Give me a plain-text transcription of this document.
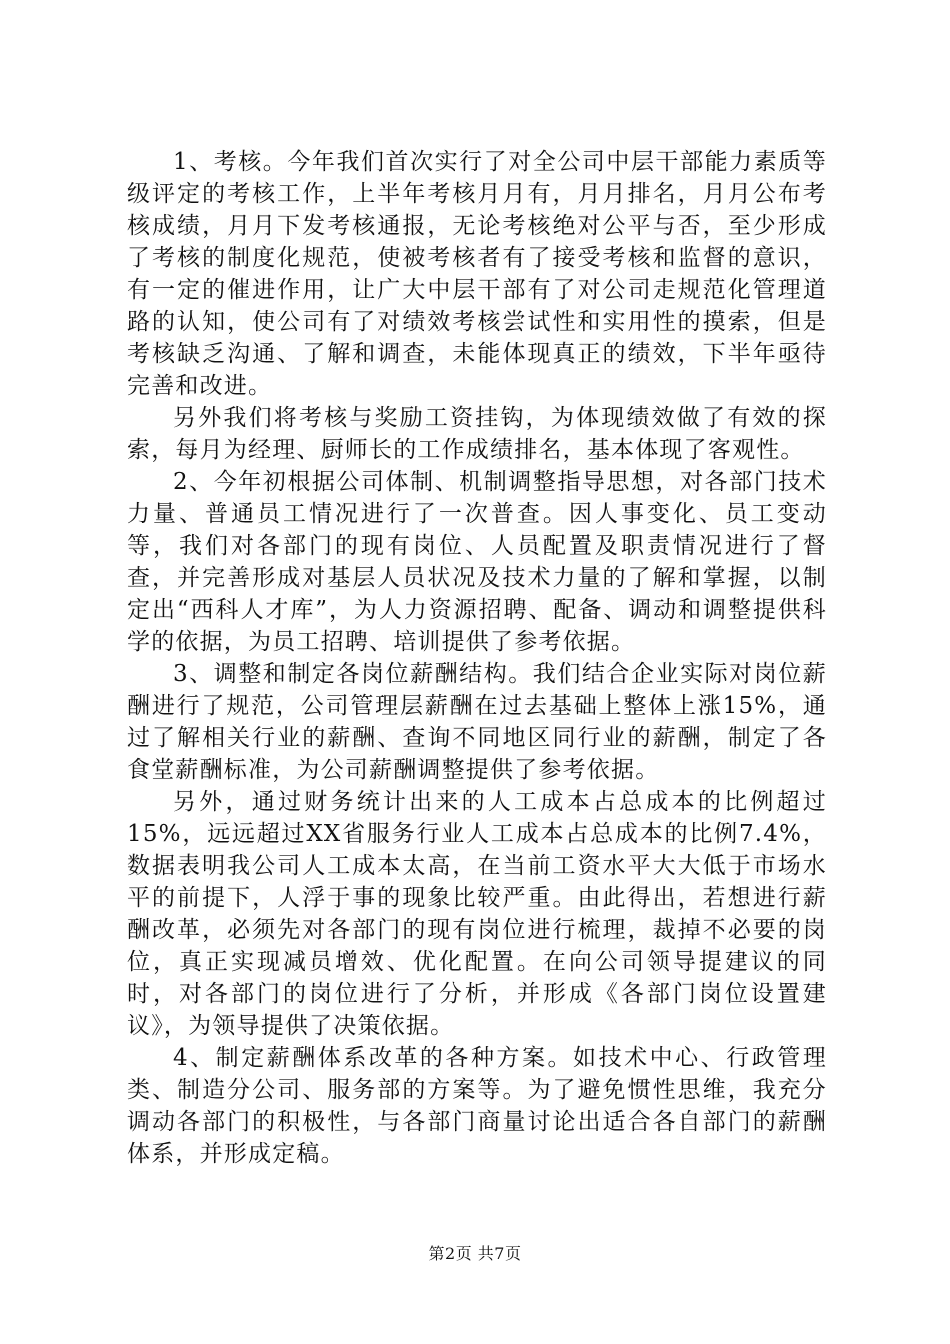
1、考核。今年我们首次实行了对全公司中层干部能力素质等级评定的考核工作，上半年考核月月有，月月排名，月月公布考核成绩，月月下发考核通报，无论考核绝对公平与否，至少形成了考核的制度化规范，使被考核者有了接受考核和监督的意识，有一定的催进作用，让广大中层干部有了对公司走规范化管理道路的认知，使公司有了对绩效考核尝试性和实用性的摸索，但是考核缺乏沟通、了解和调查，未能体现真正的绩效，下半年亟待完善和改进。

另外我们将考核与奖励工资挂钩，为体现绩效做了有效的探索，每月为经理、厨师长的工作成绩排名，基本体现了客观性。

2、今年初根据公司体制、机制调整指导思想，对各部门技术力量、普通员工情况进行了一次普查。因人事变化、员工变动等，我们对各部门的现有岗位、人员配置及职责情况进行了督查，并完善形成对基层人员状况及技术力量的了解和掌握，以制定出“西科人才库”，为人力资源招聘、配备、调动和调整提供科学的依据，为员工招聘、培训提供了参考依据。

3、调整和制定各岗位薪酬结构。我们结合企业实际对岗位薪酬进行了规范，公司管理层薪酬在过去基础上整体上涨15%，通过了解相关行业的薪酬、查询不同地区同行业的薪酬，制定了各食堂薪酬标准，为公司薪酬调整提供了参考依据。

另外，通过财务统计出来的人工成本占总成本的比例超过15%，远远超过XX省服务行业人工成本占总成本的比例7.4%，数据表明我公司人工成本太高，在当前工资水平大大低于市场水平的前提下，人浮于事的现象比较严重。由此得出，若想进行薪酬改革，必须先对各部门的现有岗位进行梳理，裁掉不必要的岗位，真正实现减员增效、优化配置。在向公司领导提建议的同时，对各部门的岗位进行了分析，并形成《各部门岗位设置建议》，为领导提供了决策依据。

4、制定薪酬体系改革的各种方案。如技术中心、行政管理类、制造分公司、服务部的方案等。为了避免惯性思维，我充分调动各部门的积极性，与各部门商量讨论出适合各自部门的薪酬体系，并形成定稿。

第2页 共7页
